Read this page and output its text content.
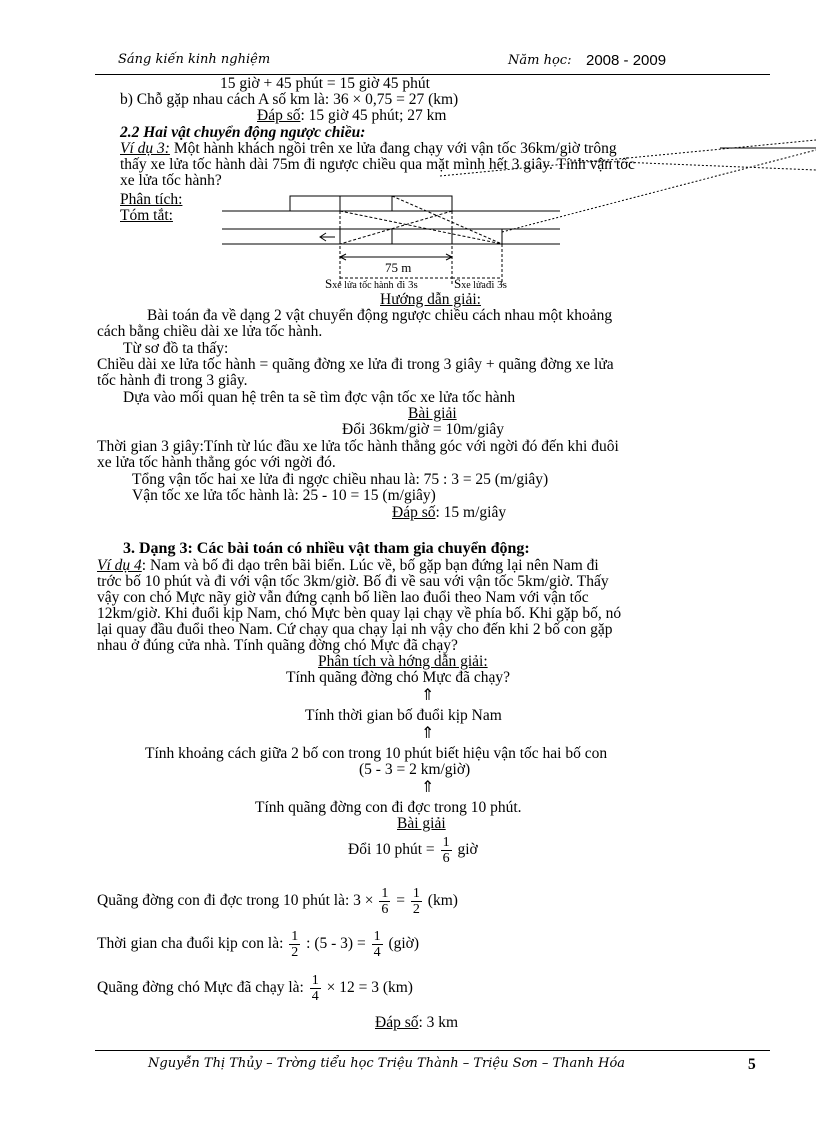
Sáng kiến kinh nghiệm	Năm học: 2008 - 2009
15 giờ + 45 phút = 15 giờ 45 phút
b) Chỗ gặp nhau cách A số km là: 36 × 0,75 = 27 (km)
Đáp số: 15 giờ 45 phút; 27 km
2.2 Hai vật chuyển động ngược chiều:
Ví dụ 3: Một hành khách ngồi trên xe lửa đang chạy với vận tốc 36km/giờ trông
thấy xe lửa tốc hành dài 75m đi ngược chiều qua mặt mình hết 3 giây. Tính vận tốc
xe lửa tốc hành?
Phân tích:
Tóm tắt:
75 m
Sxe lửa tốc hành đi 3s	Sxe lửađi 3s
Hướng dẫn giải:
Bài toán đa về dạng 2 vật chuyển động ngược chiều cách nhau một khoảng
cách bằng chiều dài xe lửa tốc hành.
Từ sơ đồ ta thấy:
Chiều dài xe lửa tốc hành = quãng đờng xe lửa đi trong 3 giây + quãng đờng xe lửa
tốc hành đi trong 3 giây.
Dựa vào mối quan hệ trên ta sẽ tìm đợc vận tốc xe lửa tốc hành
Bài giải
Đổi 36km/giờ = 10m/giây
Thời gian 3 giây:Tính từ lúc đầu xe lửa tốc hành thẳng góc với ngời đó đến khi đuôi
xe lửa tốc hành thẳng góc với ngời đó.
Tổng vận tốc hai xe lửa đi ngợc chiều nhau là: 75 : 3 = 25 (m/giây)
Vận tốc xe lửa tốc hành là: 25 - 10 = 15 (m/giây)
Đáp số: 15 m/giây
3. Dạng 3: Các bài toán có nhiều vật tham gia chuyển động:
Ví dụ 4: Nam và bố đi dạo trên bãi biển. Lúc về, bố gặp bạn đứng lại nên Nam đi
trớc bố 10 phút và đi với vận tốc 3km/giờ. Bố đi về sau với vận tốc 5km/giờ. Thấy
vậy con chó Mực nãy giờ vẫn đứng cạnh bố liền lao đuổi theo Nam với vận tốc
12km/giờ. Khi đuổi kịp Nam, chó Mực bèn quay lại chạy về phía bố. Khi gặp bố, nó
lại quay đầu đuổi theo Nam. Cứ chạy qua chạy lại nh vậy cho đến khi 2 bố con gặp
nhau ở đúng cửa nhà. Tính quãng đờng chó Mực đã chạy?
Phân tích và hớng dẫn giải:
Tính quãng đờng chó Mực đã chạy?
⇑
Tính thời gian bố đuổi kịp Nam
⇑
Tính khoảng cách giữa 2 bố con trong 10 phút biết hiệu vận tốc hai bố con
(5 - 3 = 2 km/giờ)
⇑
Tính quãng đờng con đi đợc trong 10 phút.
Bài giải
Đổi 10 phút = $\frac{1}{6}$ giờ
Quãng đờng con đi đợc trong 10 phút là: $3 \times \frac{1}{6} = \frac{1}{2} (km)$
Thời gian cha đuổi kịp con là: $\frac{1}{2}$ : $(5 - 3) = \frac{1}{4}$ (giờ)
Quãng đờng chó Mực đã chạy là: $\frac{1}{4} \times 12 = 3$ (km)
Đáp số: 3 km
Nguyễn Thị Thủy – Trờng tiểu học Triệu Thành – Triệu Sơn – Thanh Hóa	5
